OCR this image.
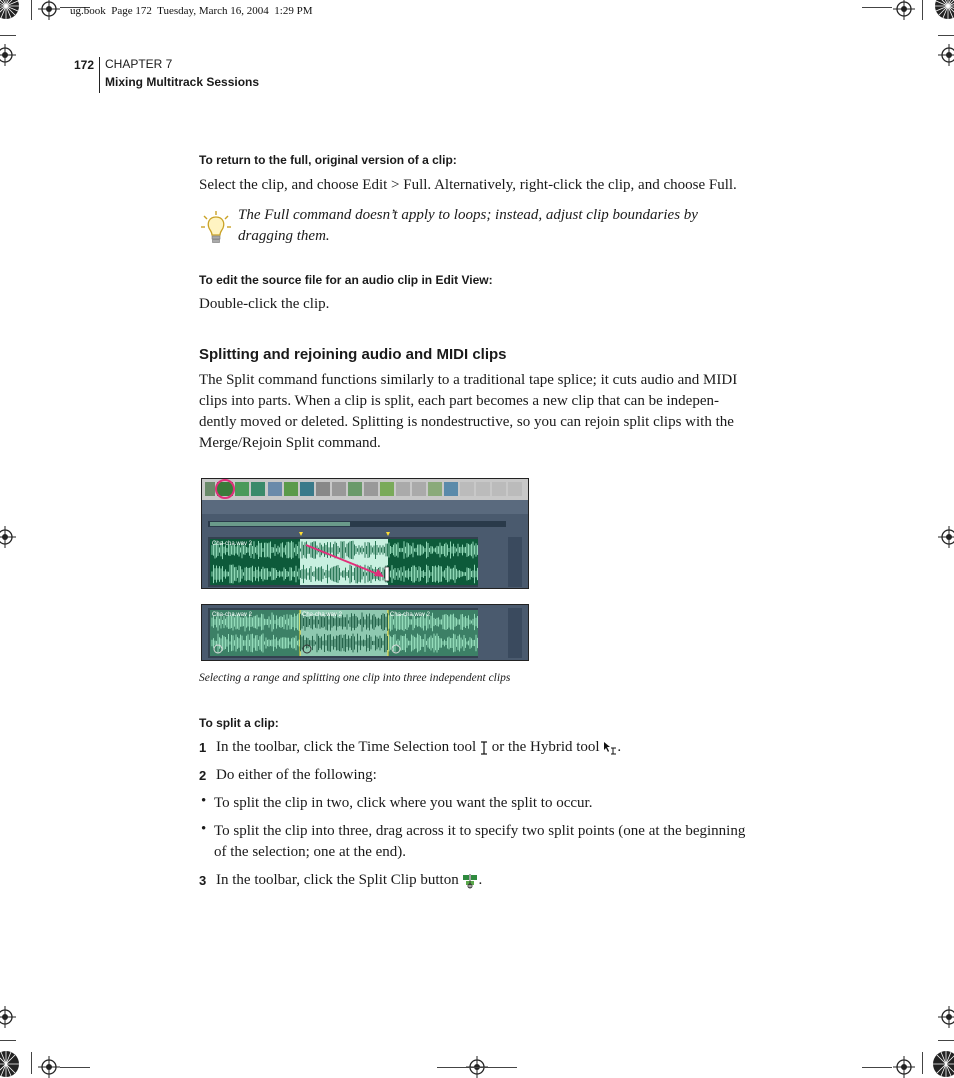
ug.book  Page 172  Tuesday, March 16, 2004  1:29 PM
172 CHAPTER 7
Mixing Multitrack Sessions
To return to the full, original version of a clip:
Select the clip, and choose Edit > Full. Alternatively, right-click the clip, and choose Full.
The Full command doesn’t apply to loops; instead, adjust clip boundaries by dragging them.
To edit the source file for an audio clip in Edit View:
Double-click the clip.
Splitting and rejoining audio and MIDI clips
The Split command functions similarly to a traditional tape splice; it cuts audio and MIDI clips into parts. When a clip is split, each part becomes a new clip that can be indepen-dently moved or deleted. Splitting is nondestructive, so you can rejoin split clips with the Merge/Rejoin Split command.
Cha-cha.wav 2
Cha-cha.wav 2	Cha-cha.wav 2	Cha-cha.wav 2
Selecting a range and splitting one clip into three independent clips
To split a clip:
1 In the toolbar, click the Time Selection tool  or the Hybrid tool .
2 Do either of the following:
• To split the clip in two, click where you want the split to occur.
• To split the clip into three, drag across it to specify two split points (one at the beginning of the selection; one at the end).
3 In the toolbar, click the Split Clip button .
